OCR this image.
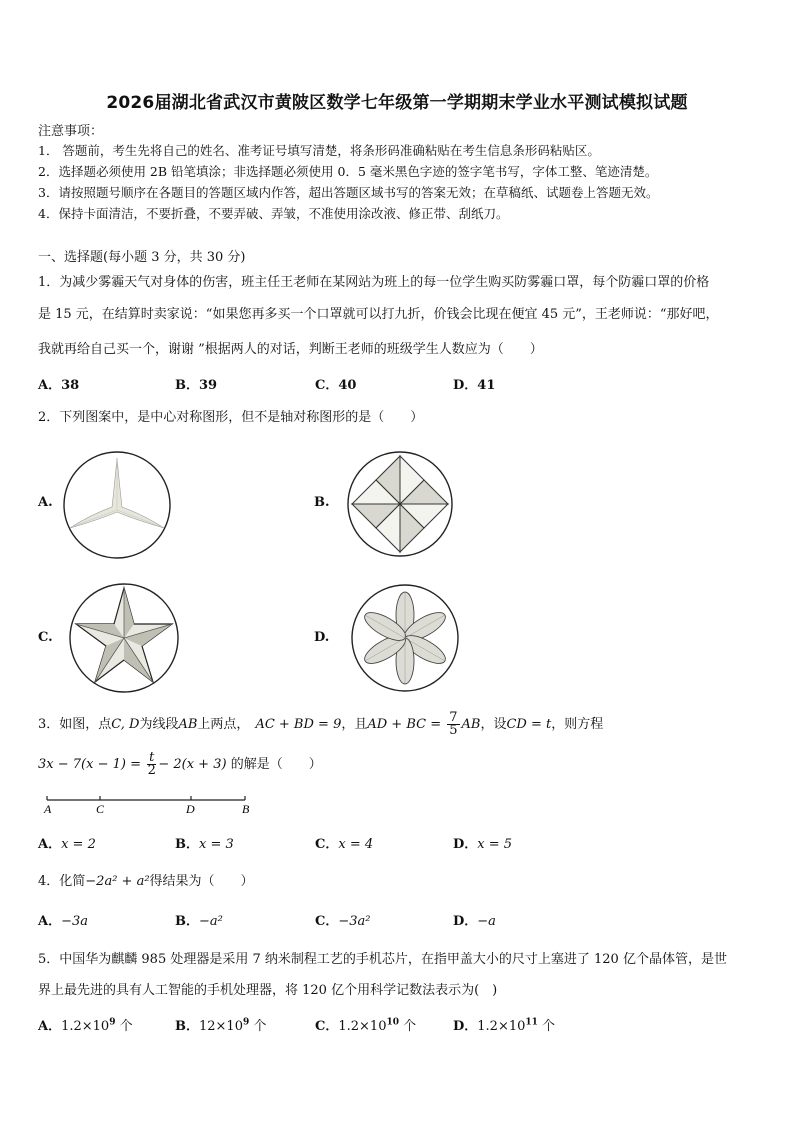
2026届湖北省武汉市黄陂区数学七年级第一学期期末学业水平测试模拟试题
注意事项：
1． 答题前，考生先将自己的姓名、准考证号填写清楚，将条形码准确粘贴在考生信息条形码粘贴区。
2．选择题必须使用 2B 铅笔填涂；非选择题必须使用 0．5 毫米黑色字迹的签字笔书写，字体工整、笔迹清楚。
3．请按照题号顺序在各题目的答题区域内作答，超出答题区域书写的答案无效；在草稿纸、试题卷上答题无效。
4．保持卡面清洁，不要折叠，不要弄破、弄皱，不准使用涂改液、修正带、刮纸刀。
一、选择题(每小题 3 分，共 30 分)
1．为减少雾霾天气对身体的伤害，班主任王老师在某网站为班上的每一位学生购买防雾霾口罩，每个防霾口罩的价格
是 15 元，在结算时卖家说：“如果您再多买一个口罩就可以打九折，价钱会比现在便宜 45 元”，王老师说：“那好吧，
我就再给自己买一个，谢谢 ”根据两人的对话，判断王老师的班级学生人数应为（　　）
A．38	B．39	C．40	D．41
2．下列图案中，是中心对称图形，但不是轴对称图形的是（　　）
A.	B.
C.	D.
3．如图，点C, D为线段AB上两点， AC + BD = 9，且AD + BC = $\frac{7}{5}$ AB，设CD = t，则方程
$3x - 7(x - 1) = \frac{t}{2} - 2(x + 3)$ 的解是（　　）
A	C	D	B
A．x = 2	B．x = 3	C．x = 4	D．x = 5
4．化简−2a² + a²得结果为（　　）
A．−3a	B．−a²	C．−3a²	D．−a
5．中国华为麒麟 985 处理器是采用 7 纳米制程工艺的手机芯片，在指甲盖大小的尺寸上塞进了 120 亿个晶体管，是世
界上最先进的具有人工智能的手机处理器，将 120 亿个用科学记数法表示为(　)
A．$1.2\times 10^9$ 个	B．$12\times 10^9$ 个	C．$1.2\times 10^{10}$ 个	D．$1.2\times 10^{11}$ 个
